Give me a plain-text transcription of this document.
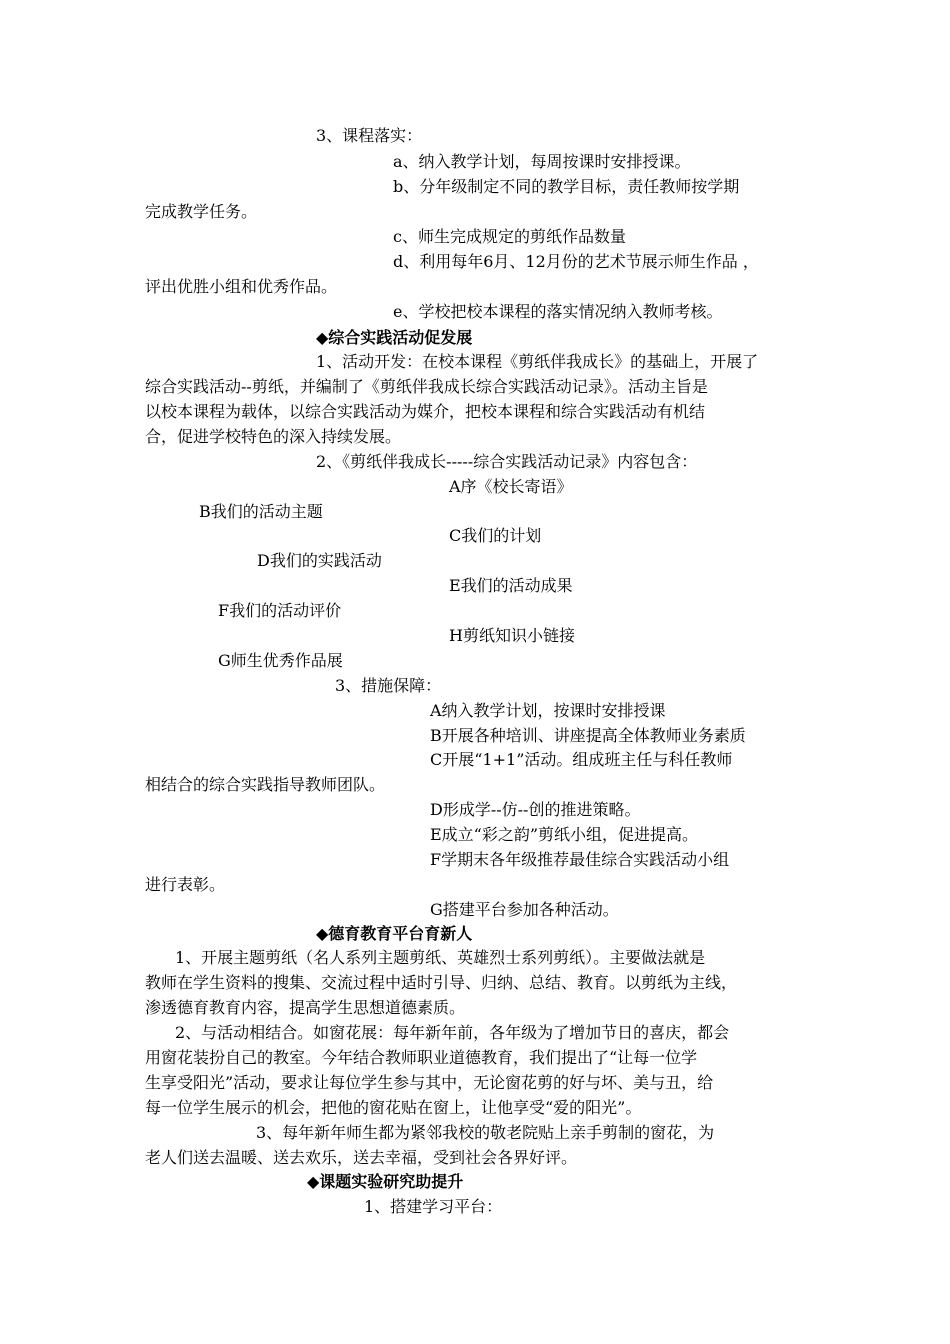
3、课程落实：
a、纳入教学计划，每周按课时安排授课。
b、分年级制定不同的教学目标，责任教师按学期
完成教学任务。
c、师生完成规定的剪纸作品数量
d、利用每年6月、12月份的艺术节展示师生作品 ，
评出优胜小组和优秀作品。
e、学校把校本课程的落实情况纳入教师考核。
◆综合实践活动促发展
1、活动开发：在校本课程《剪纸伴我成长》的基础上，开展了
综合实践活动--剪纸，并编制了《剪纸伴我成长综合实践活动记录》。活动主旨是
以校本课程为载体，以综合实践活动为媒介，把校本课程和综合实践活动有机结
合，促进学校特色的深入持续发展。
2、《剪纸伴我成长-----综合实践活动记录》内容包含：
A序《校长寄语》
B我们的活动主题
C我们的计划
D我们的实践活动
E我们的活动成果
F我们的活动评价
H剪纸知识小链接
G师生优秀作品展
3、措施保障：
A纳入教学计划，按课时安排授课
B开展各种培训、讲座提高全体教师业务素质
C开展“1+1”活动。组成班主任与科任教师
相结合的综合实践指导教师团队。
D形成学--仿--创的推进策略。
E成立“彩之韵”剪纸小组，促进提高。
F学期末各年级推荐最佳综合实践活动小组
进行表彰。
G搭建平台参加各种活动。
◆德育教育平台育新人
1、开展主题剪纸（名人系列主题剪纸、英雄烈士系列剪纸）。主要做法就是
教师在学生资料的搜集、交流过程中适时引导、归纳、总结、教育。以剪纸为主线，
渗透德育教育内容，提高学生思想道德素质。
2、与活动相结合。如窗花展：每年新年前，各年级为了增加节日的喜庆，都会
用窗花装扮自己的教室。今年结合教师职业道德教育，我们提出了“让每一位学
生享受阳光”活动，要求让每位学生参与其中，无论窗花剪的好与坏、美与丑，给
每一位学生展示的机会，把他的窗花贴在窗上，让他享受“爱的阳光”。
3、每年新年师生都为紧邻我校的敬老院贴上亲手剪制的窗花，为
老人们送去温暖、送去欢乐，送去幸福，受到社会各界好评。
◆课题实验研究助提升
1、搭建学习平台：
